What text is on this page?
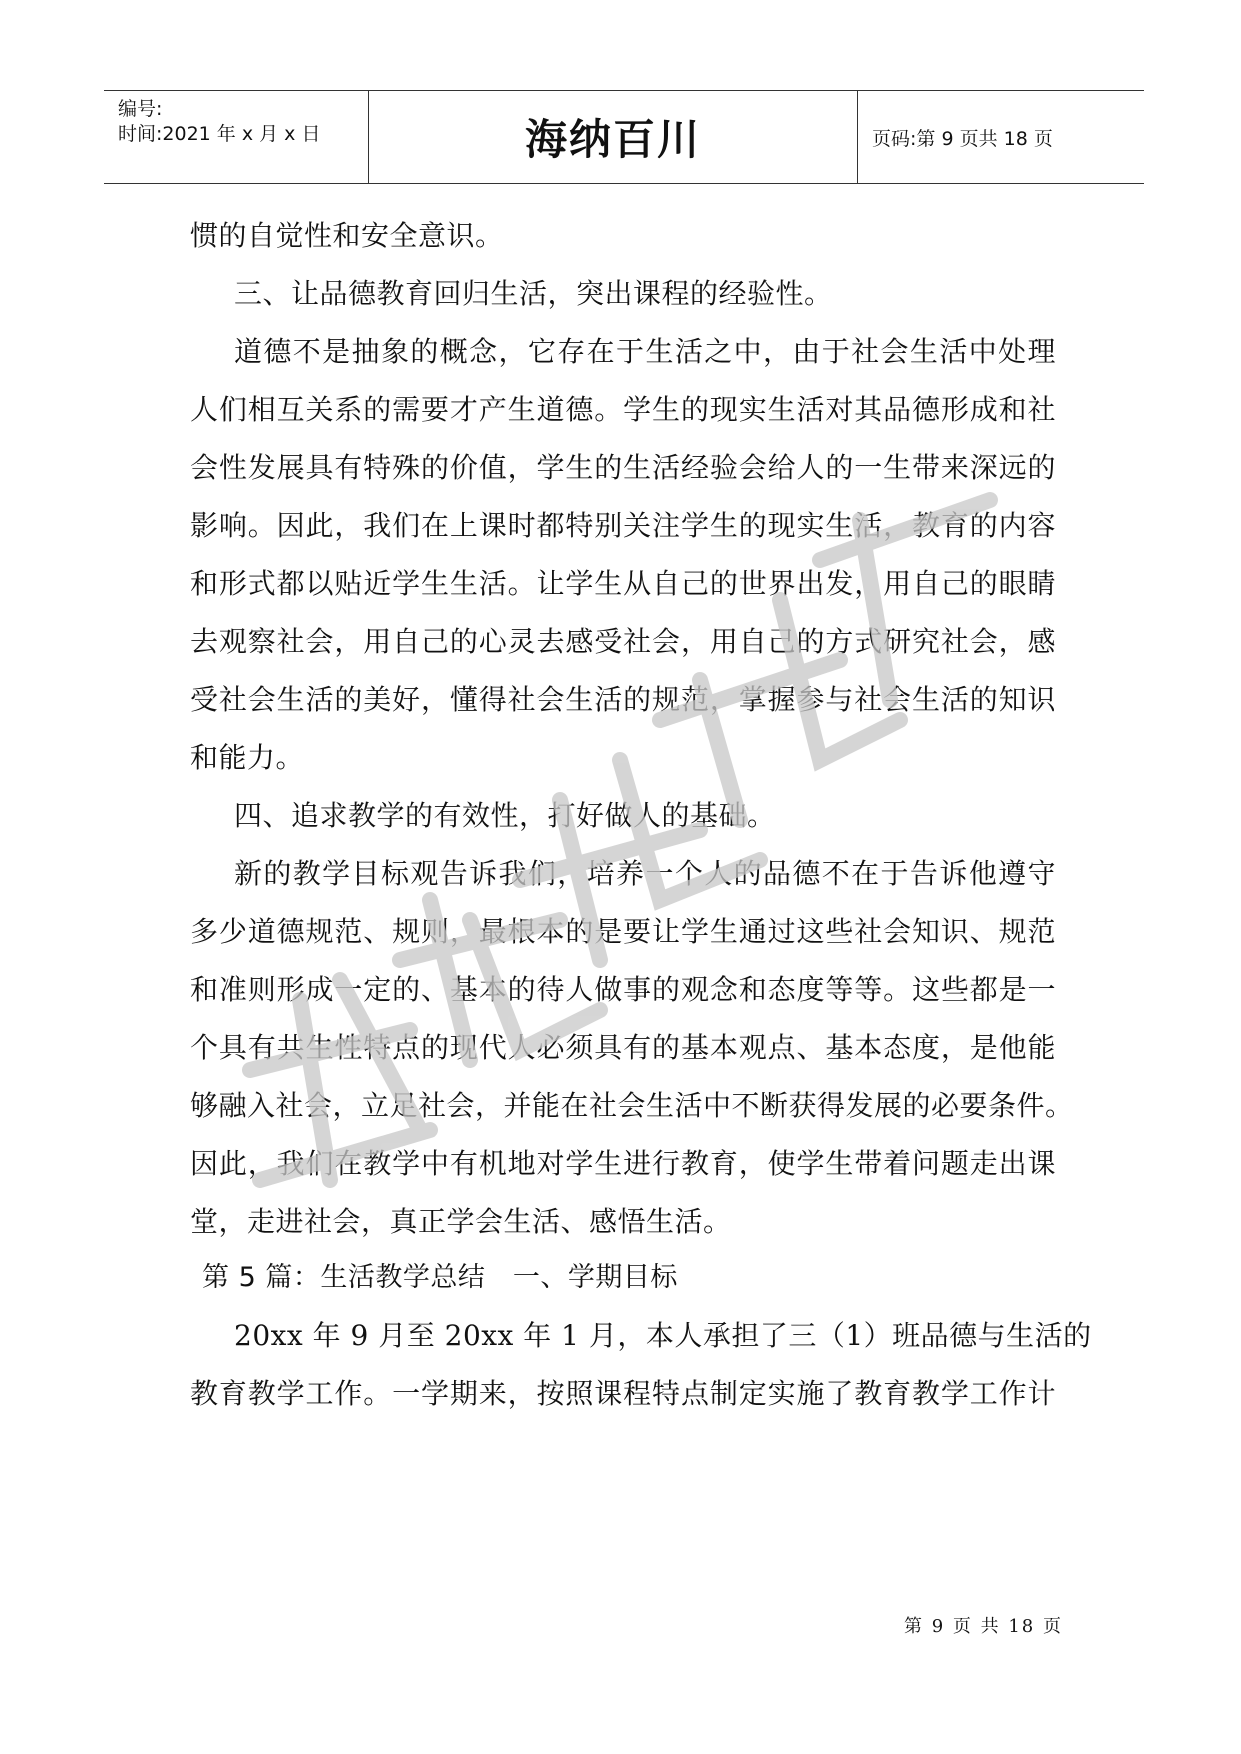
编号:
时间:2021 年 x 月 x 日	海纳百川	页码:第 9 页共 18 页
惯的自觉性和安全意识。
三、让品德教育回归生活，突出课程的经验性。
道德不是抽象的概念，它存在于生活之中，由于社会生活中处理
人们相互关系的需要才产生道德。学生的现实生活对其品德形成和社
会性发展具有特殊的价值，学生的生活经验会给人的一生带来深远的
影响。因此，我们在上课时都特别关注学生的现实生活，教育的内容
和形式都以贴近学生生活。让学生从自己的世界出发，用自己的眼睛
去观察社会，用自己的心灵去感受社会，用自己的方式研究社会，感
受社会生活的美好，懂得社会生活的规范，掌握参与社会生活的知识
和能力。
四、追求教学的有效性，打好做人的基础。
新的教学目标观告诉我们，培养一个人的品德不在于告诉他遵守
多少道德规范、规则，最根本的是要让学生通过这些社会知识、规范
和准则形成一定的、基本的待人做事的观念和态度等等。这些都是一
个具有共生性特点的现代人必须具有的基本观点、基本态度，是他能
够融入社会，立足社会，并能在社会生活中不断获得发展的必要条件。
因此，我们在教学中有机地对学生进行教育，使学生带着问题走出课
堂，走进社会，真正学会生活、感悟生活。
第 5 篇：生活教学总结　一、学期目标
20xx 年 9 月至 20xx 年 1 月，本人承担了三（1）班品德与生活的
教育教学工作。一学期来，按照课程特点制定实施了教育教学工作计
第 9 页 共 18 页
